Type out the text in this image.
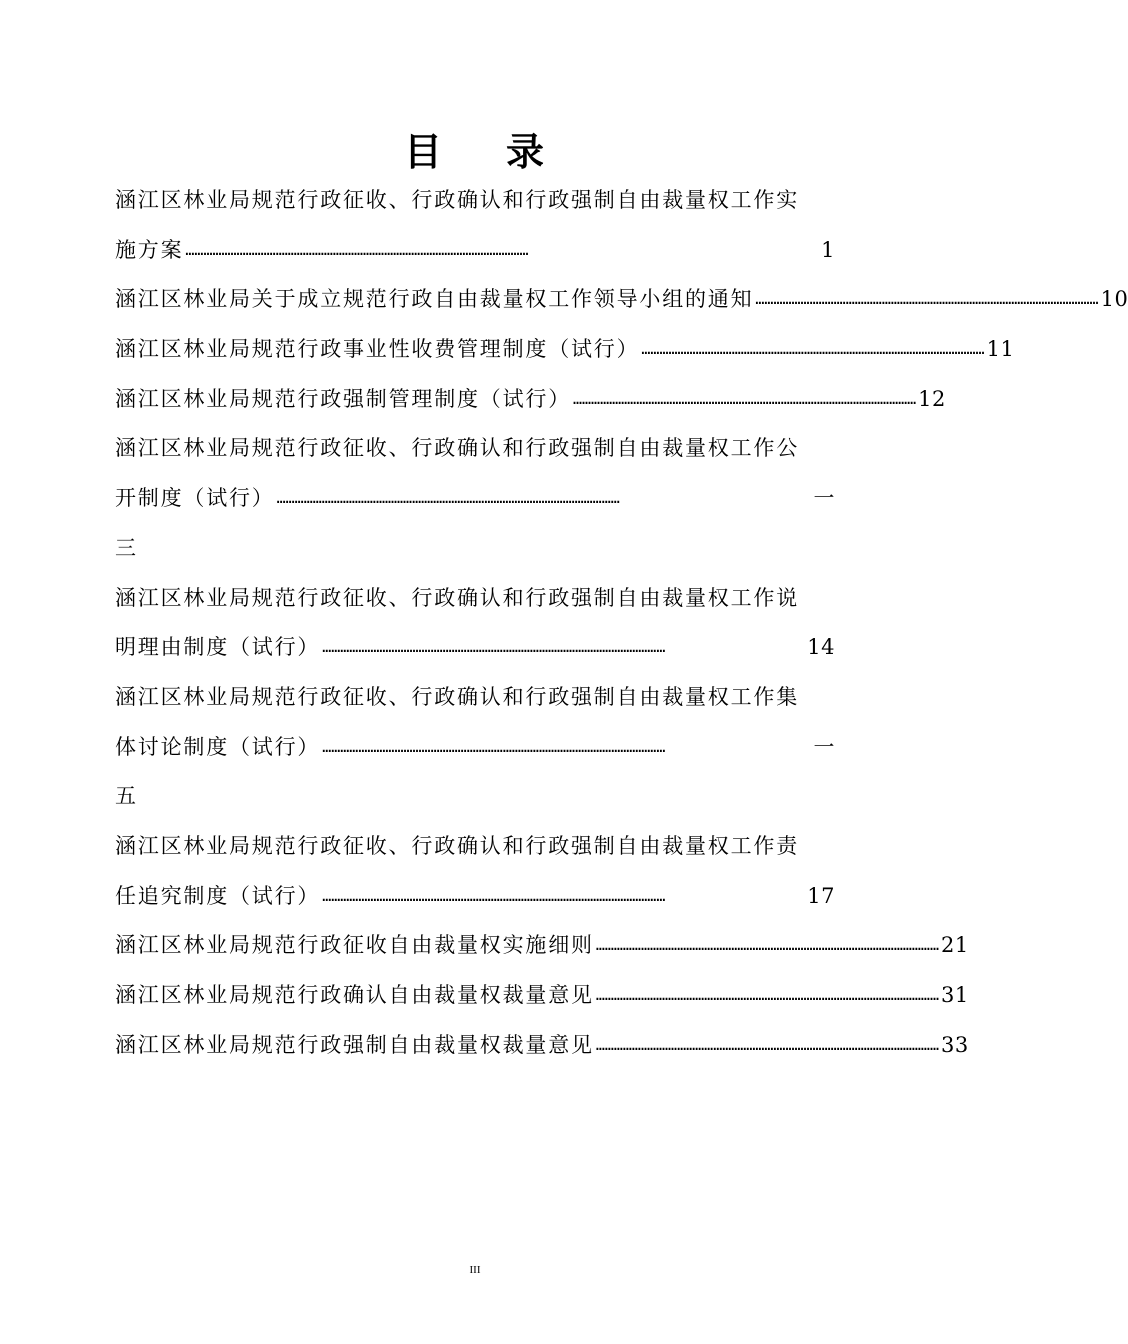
目 录
涵江区林业局规范行政征收、行政确认和行政强制自由裁量权工作实
施方案 ……………………………………………………………………………………………………	1
涵江区林业局关于成立规范行政自由裁量权工作领导小组的通知 …………………………………………………………………………………………………… 10
涵江区林业局规范行政事业性收费管理制度（试行） …………………………………………………………………………………………………… 11
涵江区林业局规范行政强制管理制度（试行） …………………………………………………………………………………………………… 12
涵江区林业局规范行政征收、行政确认和行政强制自由裁量权工作公
开制度（试行） ……………………………………………………………………………………………………	一
三
涵江区林业局规范行政征收、行政确认和行政强制自由裁量权工作说
明理由制度（试行） ……………………………………………………………………………………………………	14
涵江区林业局规范行政征收、行政确认和行政强制自由裁量权工作集
体讨论制度（试行） ……………………………………………………………………………………………………	一
五
涵江区林业局规范行政征收、行政确认和行政强制自由裁量权工作责
任追究制度（试行） ……………………………………………………………………………………………………	17
涵江区林业局规范行政征收自由裁量权实施细则 …………………………………………………………………………………………………… 21
涵江区林业局规范行政确认自由裁量权裁量意见 …………………………………………………………………………………………………… 31
涵江区林业局规范行政强制自由裁量权裁量意见 …………………………………………………………………………………………………… 33
III
